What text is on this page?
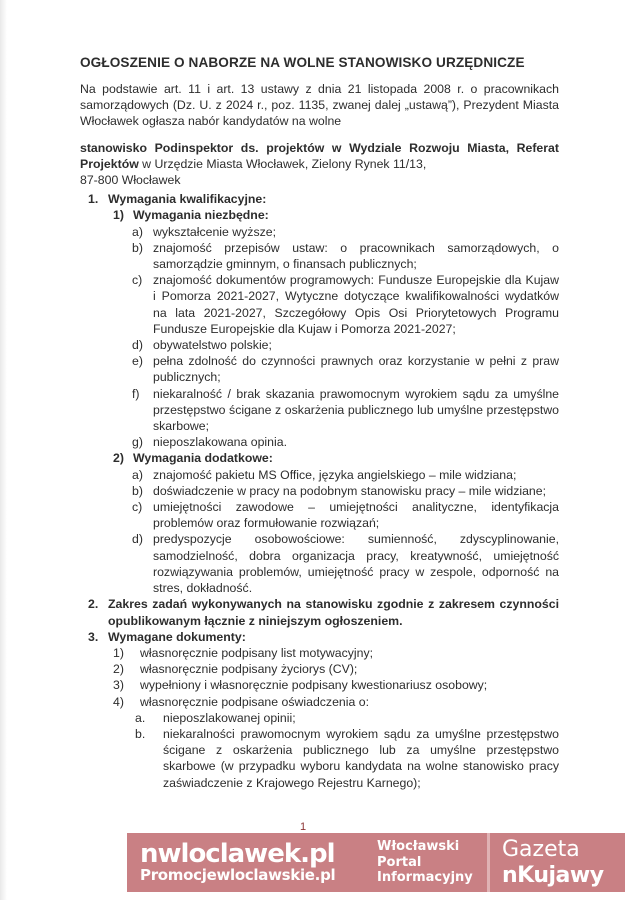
OGŁOSZENIE O NABORZE NA WOLNE STANOWISKO URZĘDNICZE

Na podstawie art. 11 i art. 13 ustawy z dnia 21 listopada 2008 r. o pracownikach samorządowych (Dz. U. z 2024 r., poz. 1135, zwanej dalej „ustawą”), Prezydent Miasta Włocławek ogłasza nabór kandydatów na wolne

stanowisko Podinspektor ds. projektów w Wydziale Rozwoju Miasta, Referat Projektów w Urzędzie Miasta Włocławek, Zielony Rynek 11/13,

87-800 Włocławek

1. Wymagania kwalifikacyjne:
1) Wymagania niezbędne:
a) wykształcenie wyższe;
b) znajomość przepisów ustaw: o pracownikach samorządowych, o samorządzie gminnym, o finansach publicznych;
c) znajomość dokumentów programowych: Fundusze Europejskie dla Kujaw i Pomorza 2021-2027, Wytyczne dotyczące kwalifikowalności wydatków na lata 2021-2027, Szczegółowy Opis Osi Priorytetowych Programu Fundusze Europejskie dla Kujaw i Pomorza 2021-2027;
d) obywatelstwo polskie;
e) pełna zdolność do czynności prawnych oraz korzystanie w pełni z praw publicznych;
f)	niekaralność / brak skazania prawomocnym wyrokiem sądu za umyślne przestępstwo ścigane z oskarżenia publicznego lub umyślne przestępstwo skarbowe;
g) nieposzlakowana opinia.
2) Wymagania dodatkowe:
a) znajomość pakietu MS Office, języka angielskiego – mile widziana;
b) doświadczenie w pracy na podobnym stanowisku pracy – mile widziane;
c) umiejętności zawodowe – umiejętności analityczne, identyfikacja problemów oraz formułowanie rozwiązań;
d) predyspozycje osobowościowe: sumienność, zdyscyplinowanie, samodzielność, dobra organizacja pracy, kreatywność, umiejętność rozwiązywania problemów, umiejętność pracy w zespole, odporność na stres, dokładność.
2. Zakres zadań wykonywanych na stanowisku zgodnie z zakresem czynności opublikowanym łącznie z niniejszym ogłoszeniem.
3. Wymagane dokumenty:
1)	własnoręcznie podpisany list motywacyjny;
2)	własnoręcznie podpisany życiorys (CV);
3)	wypełniony i własnoręcznie podpisany kwestionariusz osobowy;
4)	własnoręcznie podpisane oświadczenia o:
a.	nieposzlakowanej opinii;
b.	niekaralności prawomocnym wyrokiem sądu za umyślne przestępstwo ścigane z oskarżenia publicznego lub za umyślne przestępstwo skarbowe (w przypadku wyboru kandydata na wolne stanowisko pracy zaświadczenie z Krajowego Rejestru Karnego);
1
nwloclawek.pl
Promocjewloclawskie.pl
Włocławski
Portal
Informacyjny
Gazeta
nKujawy
